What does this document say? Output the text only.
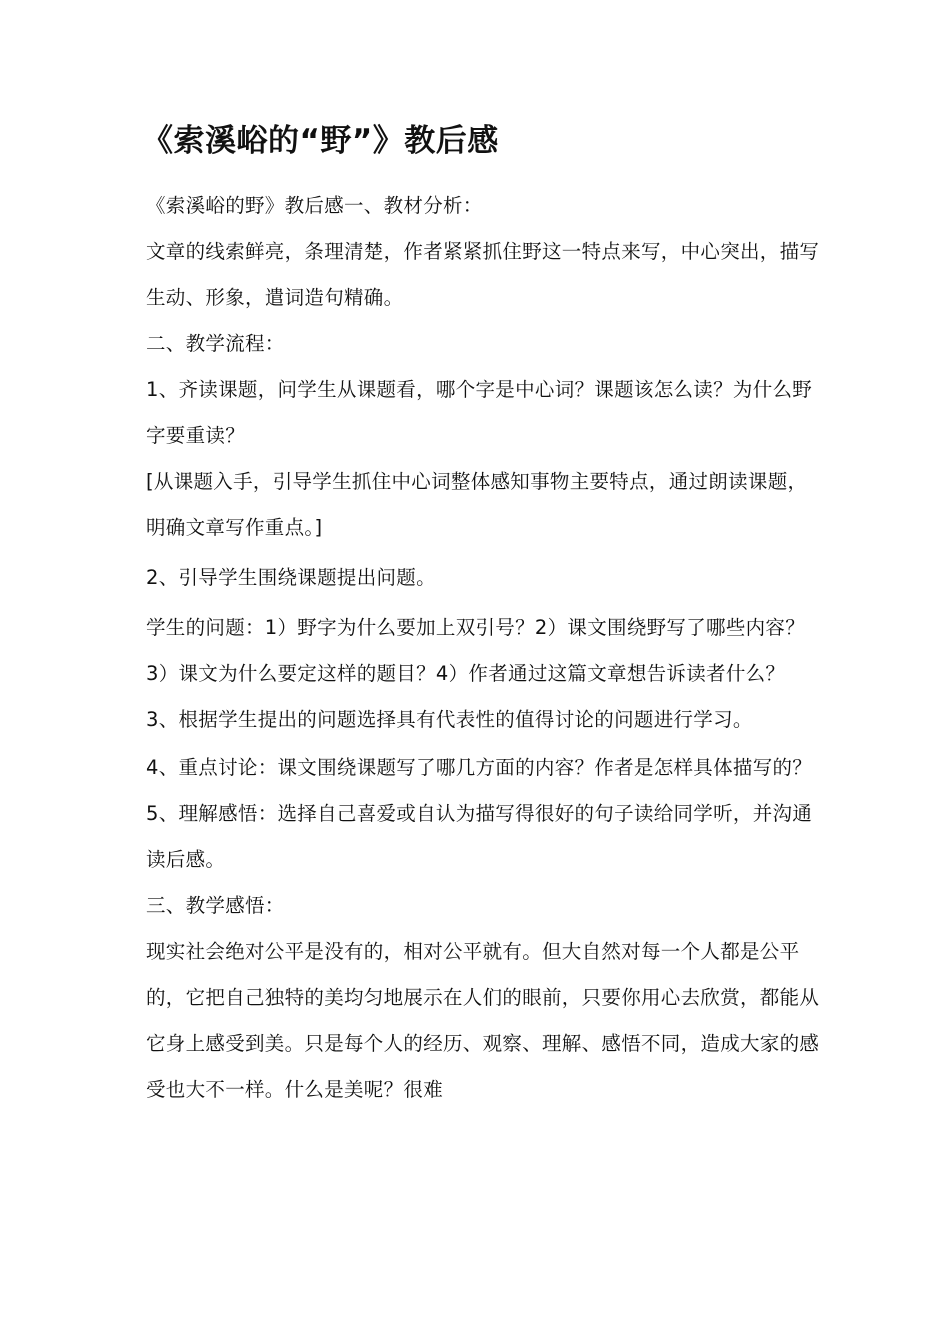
《索溪峪的“野”》教后感

《索溪峪的野》教后感一、教材分析：

文章的线索鲜亮，条理清楚，作者紧紧抓住野这一特点来写，中心突出，描写生动、形象，遣词造句精确。

二、教学流程：

1、齐读课题，问学生从课题看，哪个字是中心词？课题该怎么读？为什么野字要重读？

[从课题入手，引导学生抓住中心词整体感知事物主要特点，通过朗读课题，明确文章写作重点。]

2、引导学生围绕课题提出问题。

学生的问题：1）野字为什么要加上双引号？2）课文围绕野写了哪些内容？3）课文为什么要定这样的题目？4）作者通过这篇文章想告诉读者什么？

3、根据学生提出的问题选择具有代表性的值得讨论的问题进行学习。

4、重点讨论：课文围绕课题写了哪几方面的内容？作者是怎样具体描写的？

5、理解感悟：选择自己喜爱或自认为描写得很好的句子读给同学听，并沟通读后感。

三、教学感悟：

现实社会绝对公平是没有的，相对公平就有。但大自然对每一个人都是公平的，它把自己独特的美均匀地展示在人们的眼前，只要你用心去欣赏，都能从它身上感受到美。只是每个人的经历、观察、理解、感悟不同，造成大家的感受也大不一样。什么是美呢？很难
